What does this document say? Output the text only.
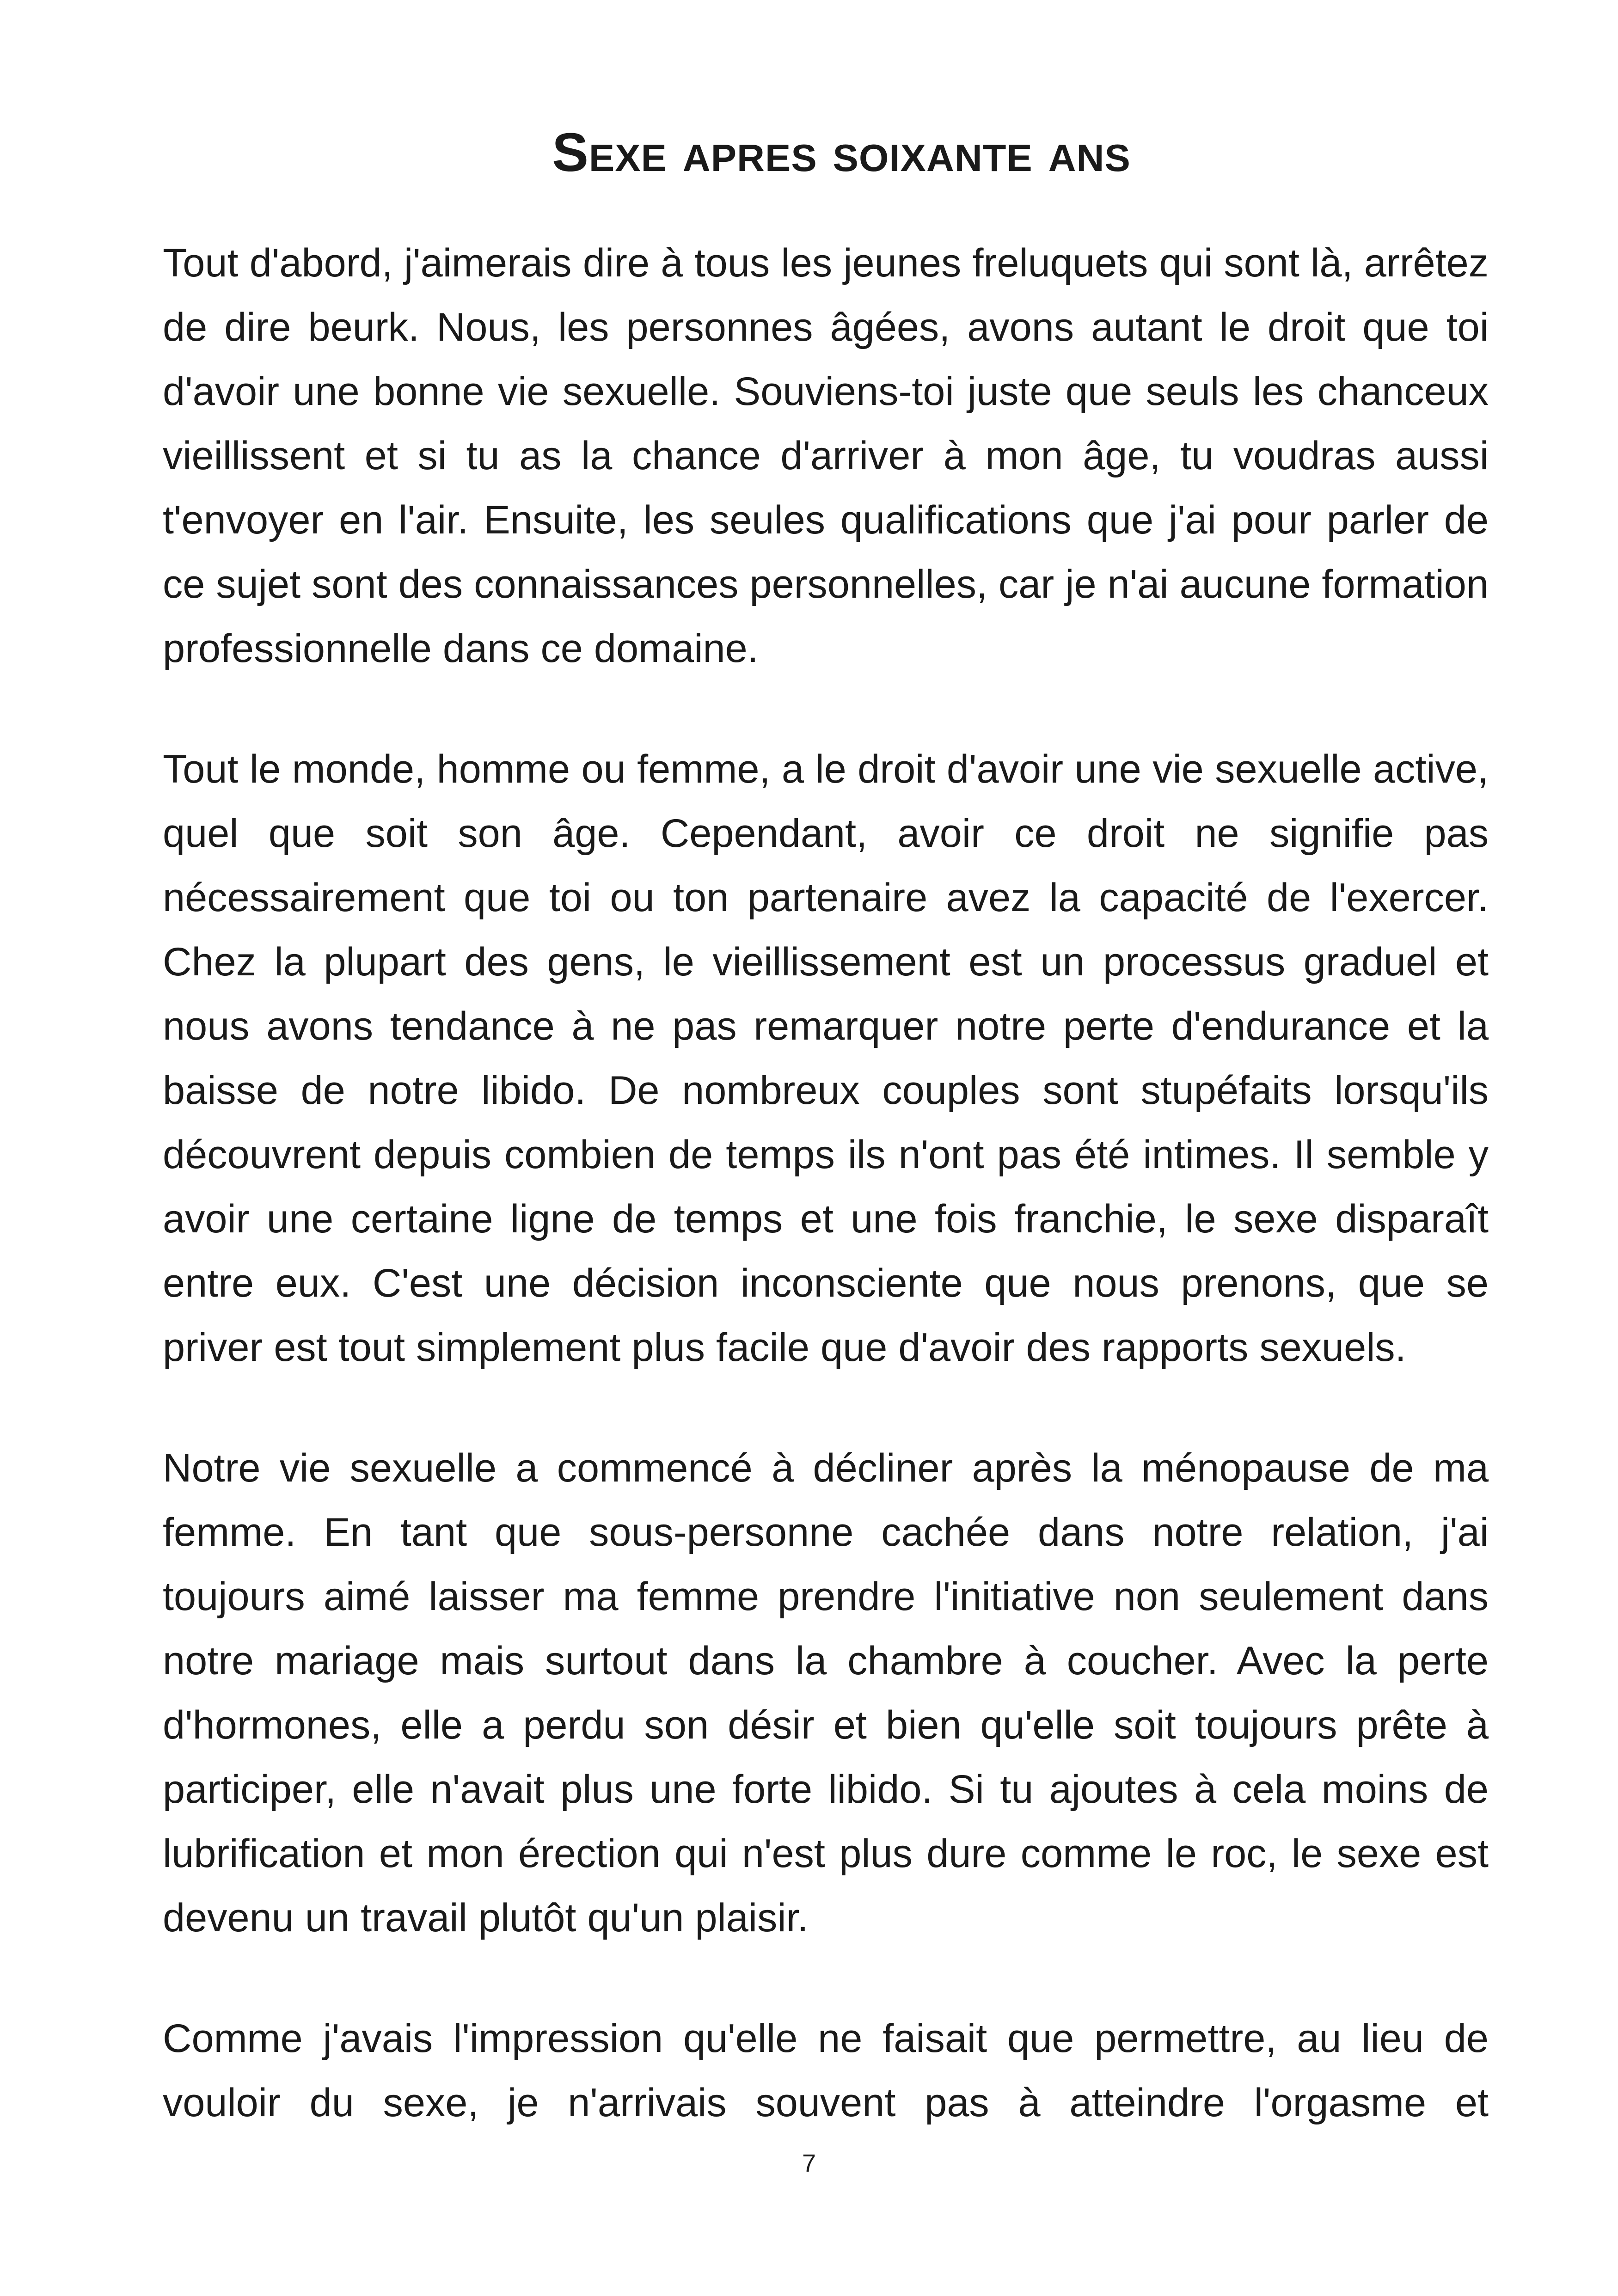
Sexe apres soixante ans

Tout d'abord, j'aimerais dire à tous les jeunes freluquets qui sont là, arrêtez de dire beurk. Nous, les personnes âgées, avons autant le droit que toi d'avoir une bonne vie sexuelle. Souviens-toi juste que seuls les chanceux vieillissent et si tu as la chance d'arriver à mon âge, tu voudras aussi t'envoyer en l'air. Ensuite, les seules qualifications que j'ai pour parler de ce sujet sont des connaissances personnelles, car je n'ai aucune formation professionnelle dans ce domaine.

Tout le monde, homme ou femme, a le droit d'avoir une vie sexuelle active, quel que soit son âge. Cependant, avoir ce droit ne signifie pas nécessairement que toi ou ton partenaire avez la capacité de l'exercer. Chez la plupart des gens, le vieillissement est un processus graduel et nous avons tendance à ne pas remarquer notre perte d'endurance et la baisse de notre libido. De nombreux couples sont stupéfaits lorsqu'ils découvrent depuis combien de temps ils n'ont pas été intimes. Il semble y avoir une certaine ligne de temps et une fois franchie, le sexe disparaît entre eux. C'est une décision inconsciente que nous prenons, que se priver est tout simplement plus facile que d'avoir des rapports sexuels.

Notre vie sexuelle a commencé à décliner après la ménopause de ma femme. En tant que sous-personne cachée dans notre relation, j'ai toujours aimé laisser ma femme prendre l'initiative non seulement dans notre mariage mais surtout dans la chambre à coucher. Avec la perte d'hormones, elle a perdu son désir et bien qu'elle soit toujours prête à participer, elle n'avait plus une forte libido. Si tu ajoutes à cela moins de lubrification et mon érection qui n'est plus dure comme le roc, le sexe est devenu un travail plutôt qu'un plaisir.

Comme j'avais l'impression qu'elle ne faisait que permettre, au lieu de vouloir du sexe, je n'arrivais souvent pas à atteindre l'orgasme et

7
